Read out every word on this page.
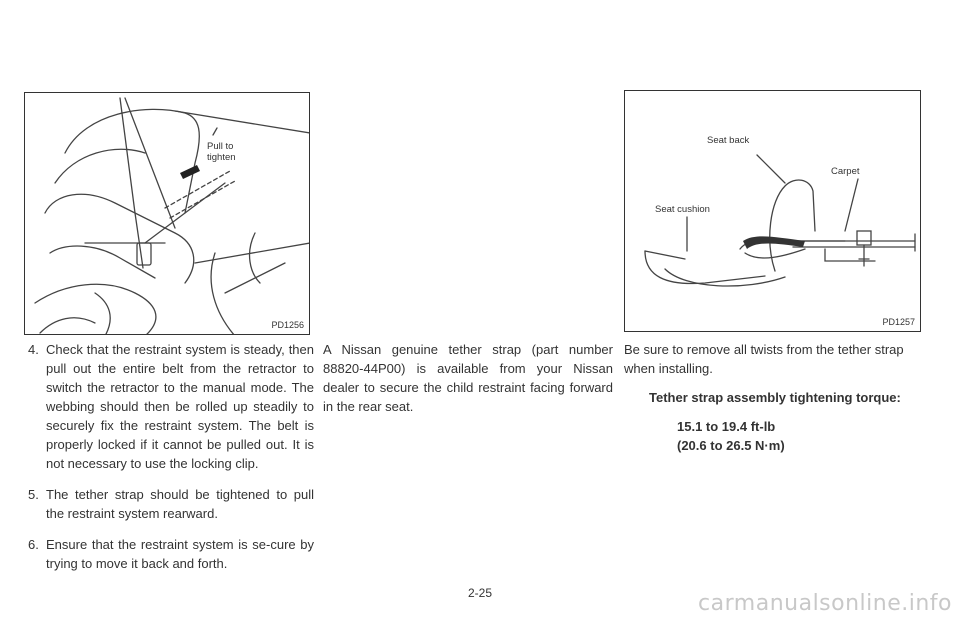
Pull to
tighten
PD1256
Seat back
Carpet
Seat cushion
PD1257
4. Check that the restraint system is steady, then pull out the entire belt from the retractor to switch the retractor to the manual mode. The webbing should then be rolled up steadily to securely fix the restraint system. The belt is properly locked if it cannot be pulled out. It is not necessary to use the locking clip.
5. The tether strap should be tightened to pull the restraint system rearward.
6. Ensure that the restraint system is se-cure by trying to move it back and forth.

A Nissan genuine tether strap (part number 88820-44P00) is available from your Nissan dealer to secure the child restraint facing forward in the rear seat.

Be sure to remove all twists from the tether strap when installing.

Tether strap assembly tightening torque:

15.1 to 19.4 ft-lb
(20.6 to 26.5 N·m)
2-25	carmanualsonline.info
